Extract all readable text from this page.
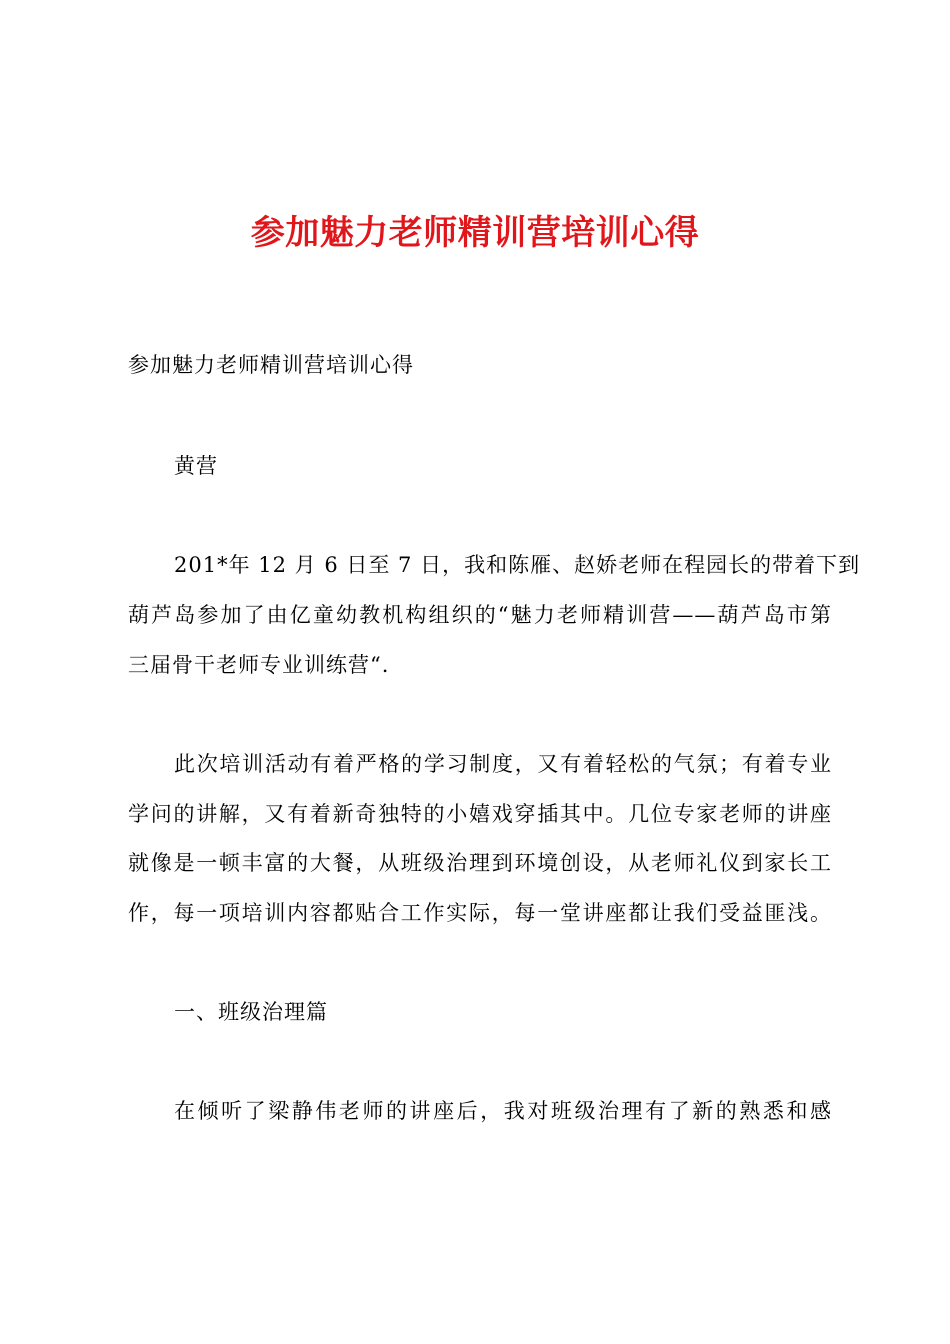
参加魅力老师精训营培训心得

参加魅力老师精训营培训心得

黄营

201*年 12 月 6 日至 7 日，我和陈雁、赵娇老师在程园长的带着下到

葫芦岛参加了由亿童幼教机构组织的“魅力老师精训营——葫芦岛市第

三届骨干老师专业训练营“.

此次培训活动有着严格的学习制度，又有着轻松的气氛；有着专业

学问的讲解，又有着新奇独特的小嬉戏穿插其中。几位专家老师的讲座

就像是一顿丰富的大餐，从班级治理到环境创设，从老师礼仪到家长工

作，每一项培训内容都贴合工作实际，每一堂讲座都让我们受益匪浅。

一、班级治理篇

在倾听了梁静伟老师的讲座后，我对班级治理有了新的熟悉和感
